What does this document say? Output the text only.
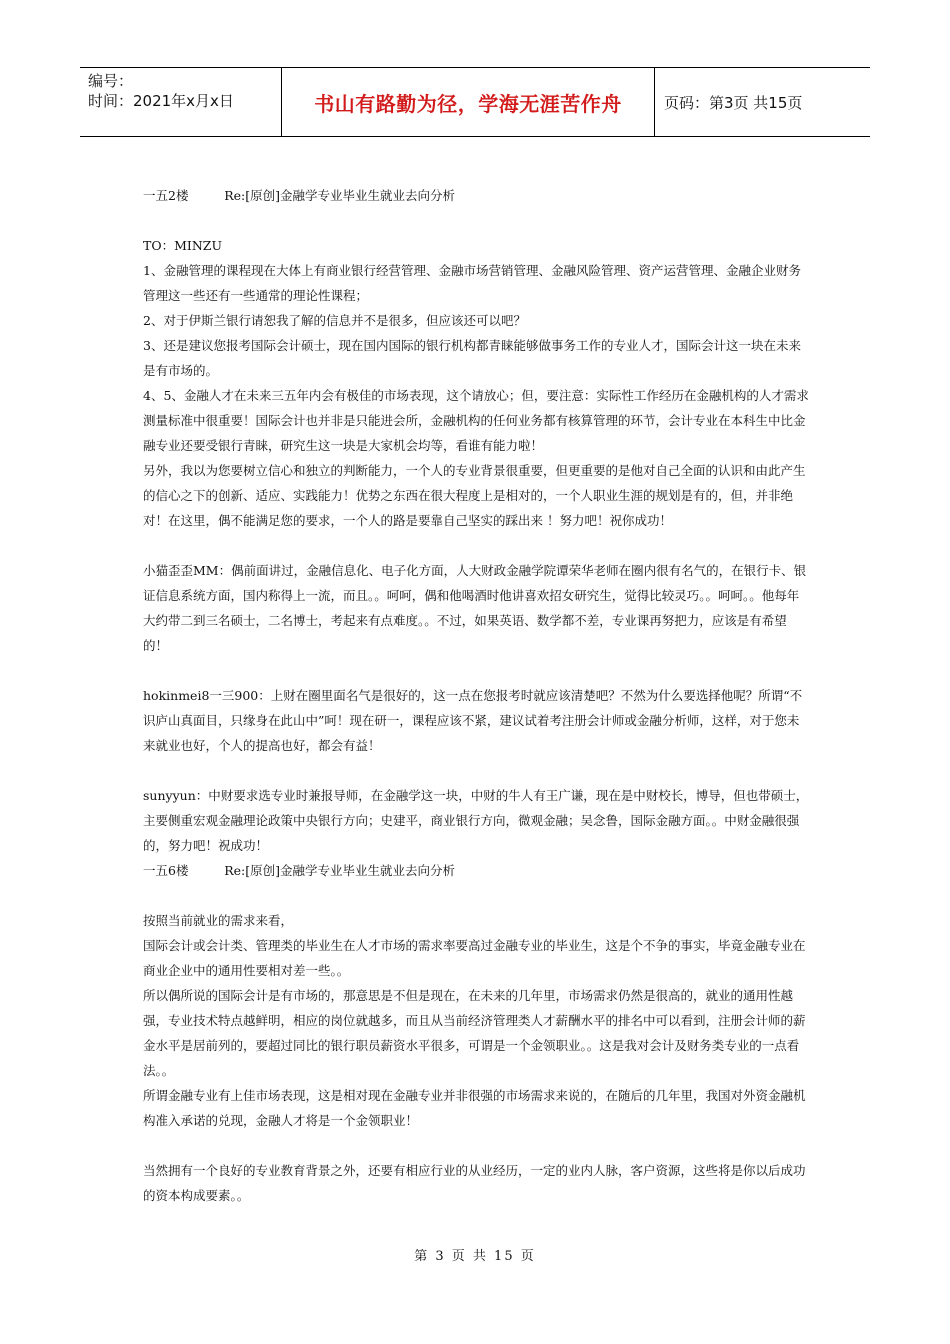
编号：
时间：2021年x月x日	书山有路勤为径，学海无涯苦作舟	页码：第3页 共15页

一五2楼         Re:[原创]金融学专业毕业生就业去向分析

TO：MINZU

1、金融管理的课程现在大体上有商业银行经营管理、金融市场营销管理、金融风险管理、资产运营管理、金融企业财务管理这一些还有一些通常的理论性课程；

2、对于伊斯兰银行请恕我了解的信息并不是很多，但应该还可以吧？

3、还是建议您报考国际会计硕士，现在国内国际的银行机构都青睐能够做事务工作的专业人才，国际会计这一块在未来是有市场的。

4、5、金融人才在未来三五年内会有极佳的市场表现，这个请放心；但，要注意：实际性工作经历在金融机构的人才需求测量标准中很重要！国际会计也并非是只能进会所，金融机构的任何业务都有核算管理的环节，会计专业在本科生中比金融专业还要受银行青睐，研究生这一块是大家机会均等，看谁有能力啦！

另外，我以为您要树立信心和独立的判断能力，一个人的专业背景很重要，但更重要的是他对自己全面的认识和由此产生的信心之下的创新、适应、实践能力！优势之东西在很大程度上是相对的，一个人职业生涯的规划是有的，但，并非绝对！在这里，偶不能满足您的要求，一个人的路是要靠自己坚实的踩出来 ！努力吧！祝你成功！

小猫歪歪MM：偶前面讲过，金融信息化、电子化方面，人大财政金融学院谭荣华老师在圈内很有名气的，在银行卡、银证信息系统方面，国内称得上一流，而且。。呵呵，偶和他喝酒时他讲喜欢招女研究生，觉得比较灵巧。。呵呵。。他每年大约带二到三名硕士，二名博士，考起来有点难度。。不过，如果英语、数学都不差，专业课再努把力，应该是有希望的！

hokinmei8一三900：上财在圈里面名气是很好的，这一点在您报考时就应该清楚吧？不然为什么要选择他呢？所谓“不识庐山真面目，只缘身在此山中”呵！现在研一，课程应该不紧，建议试着考注册会计师或金融分析师，这样，对于您未来就业也好，个人的提高也好，都会有益！

sunyyun：中财要求选专业时兼报导师，在金融学这一块，中财的牛人有王广谦，现在是中财校长，博导，但也带硕士，主要侧重宏观金融理论政策中央银行方向；史建平，商业银行方向，微观金融；吴念鲁，国际金融方面。。中财金融很强的，努力吧！祝成功！

一五6楼         Re:[原创]金融学专业毕业生就业去向分析

按照当前就业的需求来看，

国际会计或会计类、管理类的毕业生在人才市场的需求率要高过金融专业的毕业生，这是个不争的事实，毕竟金融专业在商业企业中的通用性要相对差一些。。

所以偶所说的国际会计是有市场的，那意思是不但是现在，在未来的几年里，市场需求仍然是很高的，就业的通用性越强，专业技术特点越鲜明，相应的岗位就越多，而且从当前经济管理类人才薪酬水平的排名中可以看到，注册会计师的薪金水平是居前列的，要超过同比的银行职员薪资水平很多，可谓是一个金领职业。。这是我对会计及财务类专业的一点看法。。

所谓金融专业有上佳市场表现，这是相对现在金融专业并非很强的市场需求来说的，在随后的几年里，我国对外资金融机构准入承诺的兑现，金融人才将是一个金领职业！

当然拥有一个良好的专业教育背景之外，还要有相应行业的从业经历，一定的业内人脉，客户资源，这些将是你以后成功的资本构成要素。。

第 3 页 共 15 页
